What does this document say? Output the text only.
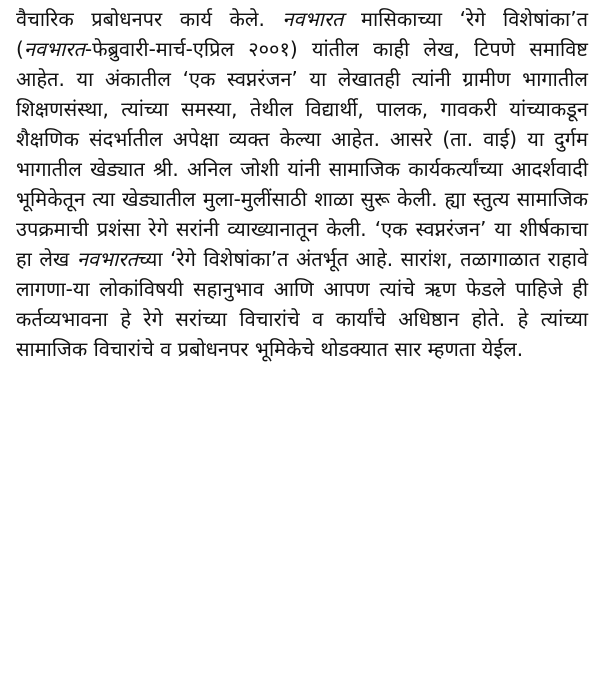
वैचारिक प्रबोधनपर कार्य केले. नवभारत मासिकाच्या ‘रेगे विशेषांका’त (नवभारत-फेब्रुवारी-मार्च-एप्रिल २००१) यांतील काही लेख, टिपणे समाविष्ट आहेत. या अंकातील ‘एक स्वप्नरंजन’ या लेखातही त्यांनी ग्रामीण भागातील शिक्षणसंस्था, त्यांच्या समस्या, तेथील विद्यार्थी, पालक, गावकरी यांच्याकडून शैक्षणिक संदर्भातील अपेक्षा व्यक्त केल्या आहेत. आसरे (ता. वाई) या दुर्गम भागातील खेड्यात श्री. अनिल जोशी यांनी सामाजिक कार्यकर्त्यांच्या आदर्शवादी भूमिकेतून त्या खेड्यातील मुला-मुलींसाठी शाळा सुरू केली. ह्या स्तुत्य सामाजिक उपक्रमाची प्रशंसा रेगे सरांनी व्याख्यानातून केली. ‘एक स्वप्नरंजन’ या शीर्षकाचा हा लेख नवभारतच्या ‘रेगे विशेषांका’त अंतर्भूत आहे. सारांश, तळागाळात राहावे लागणा-या लोकांविषयी सहानुभाव आणि आपण त्यांचे ऋण फेडले पाहिजे ही कर्तव्यभावना हे रेगे सरांच्या विचारांचे व कार्यांचे अधिष्ठान होते. हे त्यांच्या सामाजिक विचारांचे व प्रबोधनपर भूमिकेचे थोडक्यात सार म्हणता येईल.
